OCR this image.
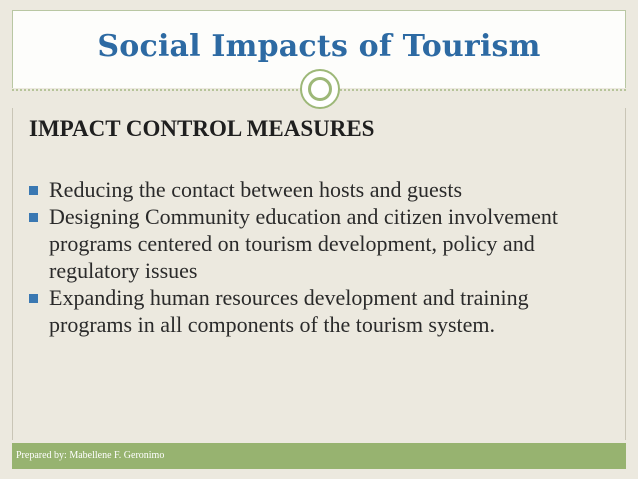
Social Impacts of Tourism
IMPACT CONTROL MEASURES
Reducing the contact between hosts and guests
Designing Community education and citizen involvement programs centered on tourism development, policy and regulatory issues
Expanding human resources development and training programs in all components of the tourism system.
Prepared by: Mabellene F. Geronimo
